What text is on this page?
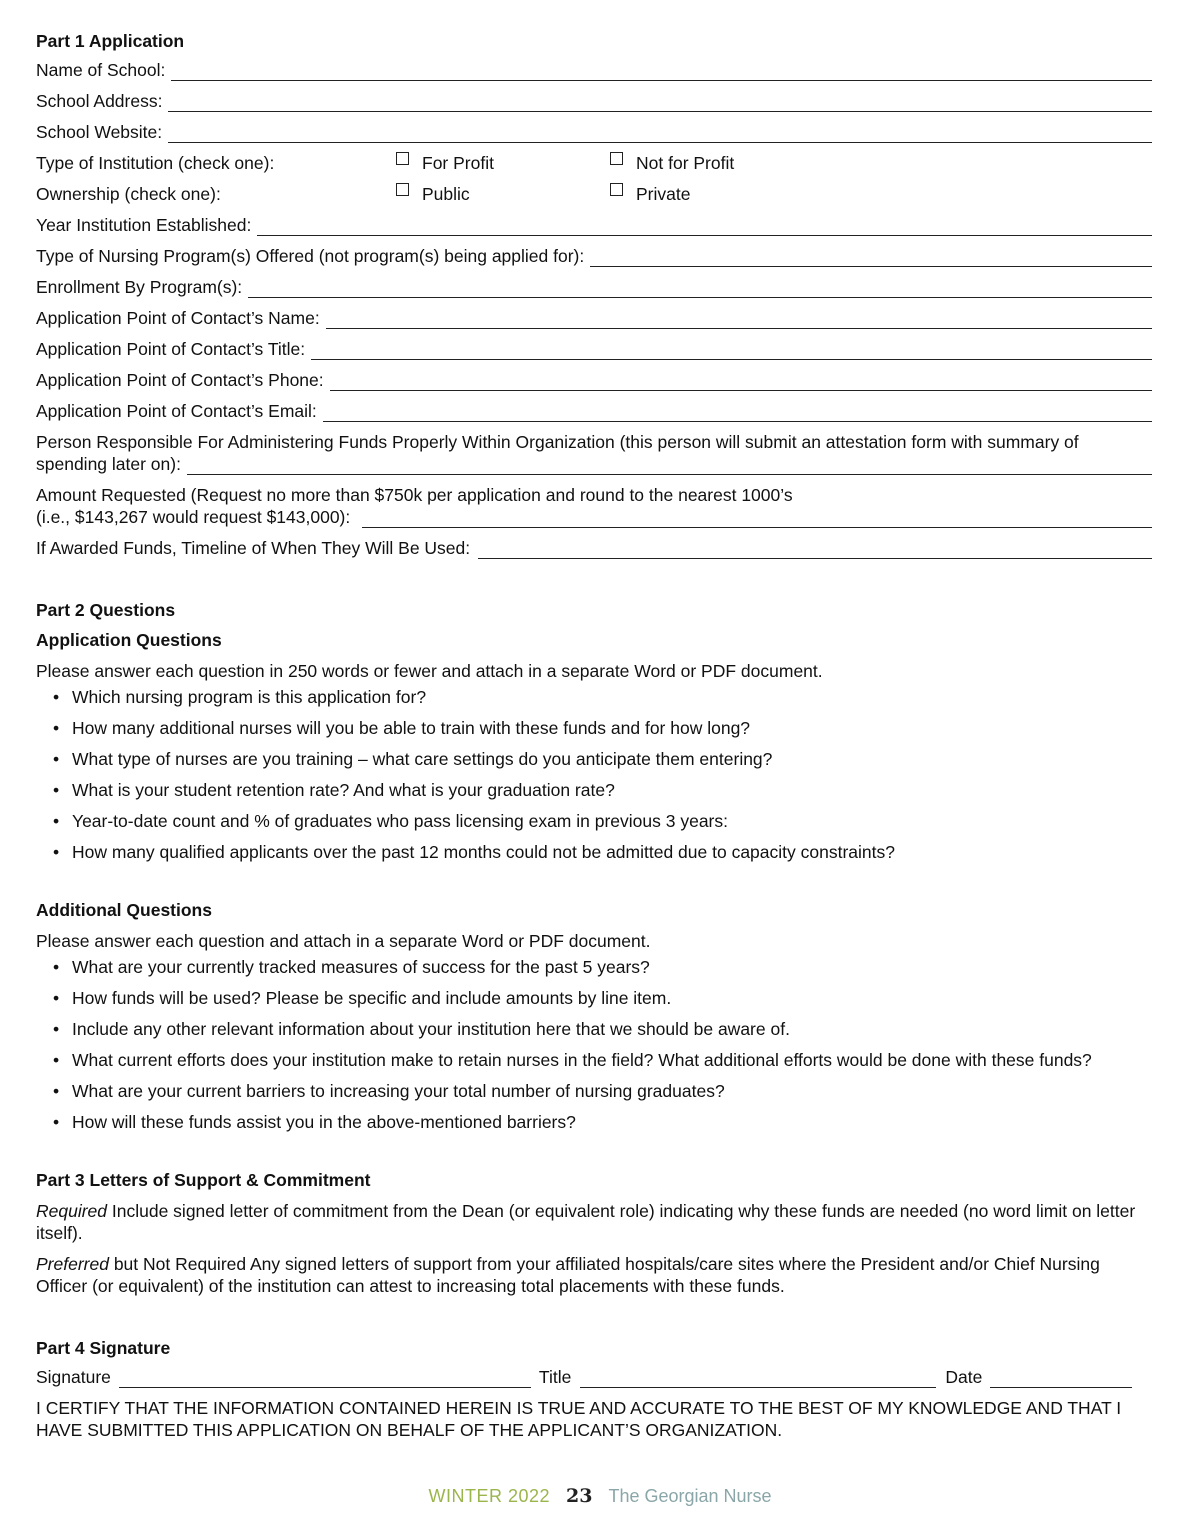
Part 1 Application
Name of School:
School Address:
School Website:
Type of Institution (check one):	For Profit	Not for Profit
Ownership (check one):	Public	Private
Year Institution Established:
Type of Nursing Program(s) Offered (not program(s) being applied for):
Enrollment By Program(s):
Application Point of Contact’s Name:
Application Point of Contact’s Title:
Application Point of Contact’s Phone:
Application Point of Contact’s Email:
Person Responsible For Administering Funds Properly Within Organization (this person will submit an attestation form with summary of
spending later on):
Amount Requested (Request no more than $750k per application and round to the nearest 1000’s
(i.e., $143,267 would request $143,000):
If Awarded Funds, Timeline of When They Will Be Used:
Part 2 Questions
Application Questions
Please answer each question in 250 words or fewer and attach in a separate Word or PDF document.
• Which nursing program is this application for?
• How many additional nurses will you be able to train with these funds and for how long?
• What type of nurses are you training – what care settings do you anticipate them entering?
• What is your student retention rate? And what is your graduation rate?
• Year-to-date count and % of graduates who pass licensing exam in previous 3 years:
• How many qualified applicants over the past 12 months could not be admitted due to capacity constraints?
Additional Questions
Please answer each question and attach in a separate Word or PDF document.
• What are your currently tracked measures of success for the past 5 years?
• How funds will be used? Please be specific and include amounts by line item.
• Include any other relevant information about your institution here that we should be aware of.
• What current efforts does your institution make to retain nurses in the field? What additional efforts would be done with these funds?
• What are your current barriers to increasing your total number of nursing graduates?
• How will these funds assist you in the above-mentioned barriers?
Part 3 Letters of Support & Commitment
Required Include signed letter of commitment from the Dean (or equivalent role) indicating why these funds are needed (no word limit on letter itself).
Preferred but Not Required Any signed letters of support from your affiliated hospitals/care sites where the President and/or Chief Nursing Officer (or equivalent) of the institution can attest to increasing total placements with these funds.
Part 4 Signature
Signature	Title	Date
I CERTIFY THAT THE INFORMATION CONTAINED HEREIN IS TRUE AND ACCURATE TO THE BEST OF MY KNOWLEDGE AND THAT I HAVE SUBMITTED THIS APPLICATION ON BEHALF OF THE APPLICANT’S ORGANIZATION.
WINTER 2022 23 The Georgian Nurse
